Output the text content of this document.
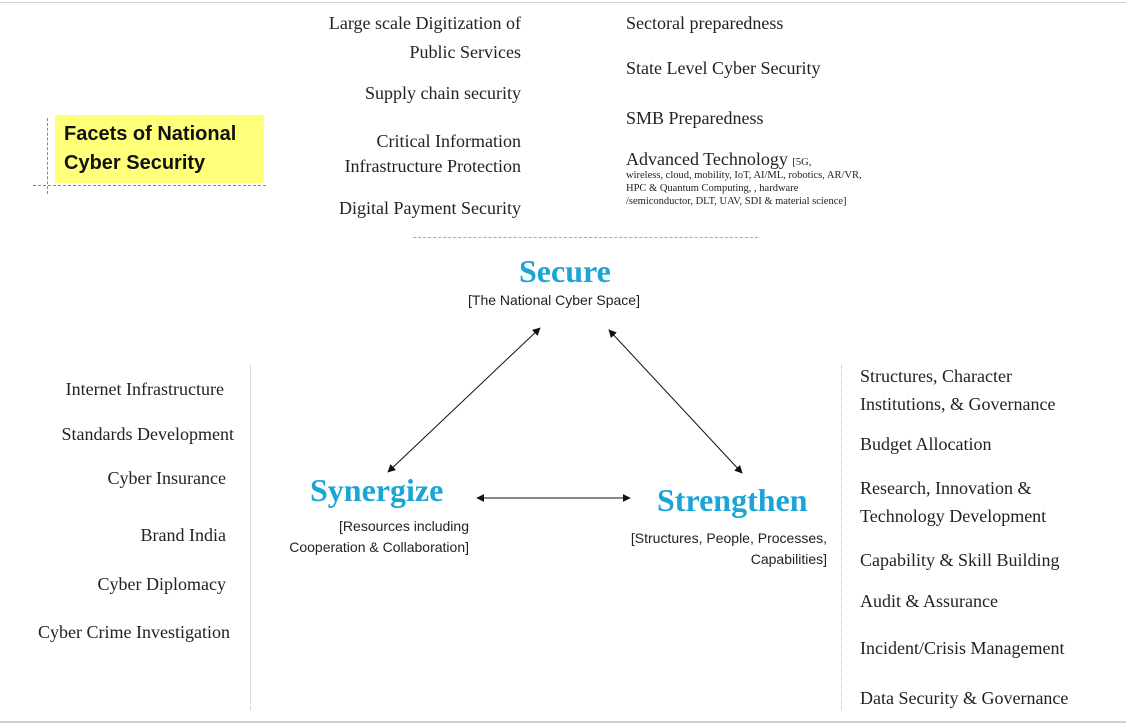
Facets of National Cyber Security
Large scale Digitization of
Public Services
Supply chain security
Critical Information
Infrastructure Protection
Digital Payment Security
Sectoral preparedness
State Level Cyber Security
SMB Preparedness
Advanced Technology [5G,
wireless, cloud, mobility, IoT, AI/ML, robotics, AR/VR, HPC & Quantum Computing, , hardware /semiconductor, DLT, UAV, SDI & material science]
Secure
[The National Cyber Space]
Internet Infrastructure
Standards Development
Cyber Insurance
Brand India
Cyber Diplomacy
Cyber Crime Investigation
Synergize
[Resources including
Cooperation & Collaboration]
Strengthen
[Structures, People, Processes,
Capabilities]
Structures, Character
Institutions, & Governance
Budget Allocation
Research, Innovation &
Technology Development
Capability & Skill Building
Audit & Assurance
Incident/Crisis Management
Data Security & Governance
